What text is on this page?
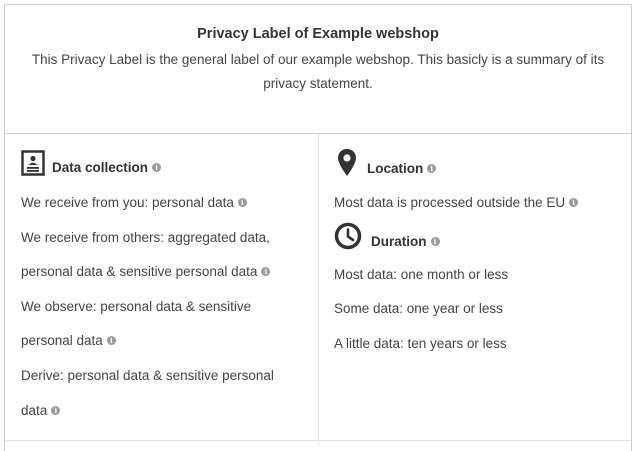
Privacy Label of Example webshop
This Privacy Label is the general label of our example webshop. This basicly is a summary of its privacy statement.
Data collection i
We receive from you: personal data i
We receive from others: aggregated data,
personal data & sensitive personal data i
We observe: personal data & sensitive
personal data i
Derive: personal data & sensitive personal
data i
Location i
Most data is processed outside the EU i
Duration i
Most data: one month or less
Some data: one year or less
A little data: ten years or less
